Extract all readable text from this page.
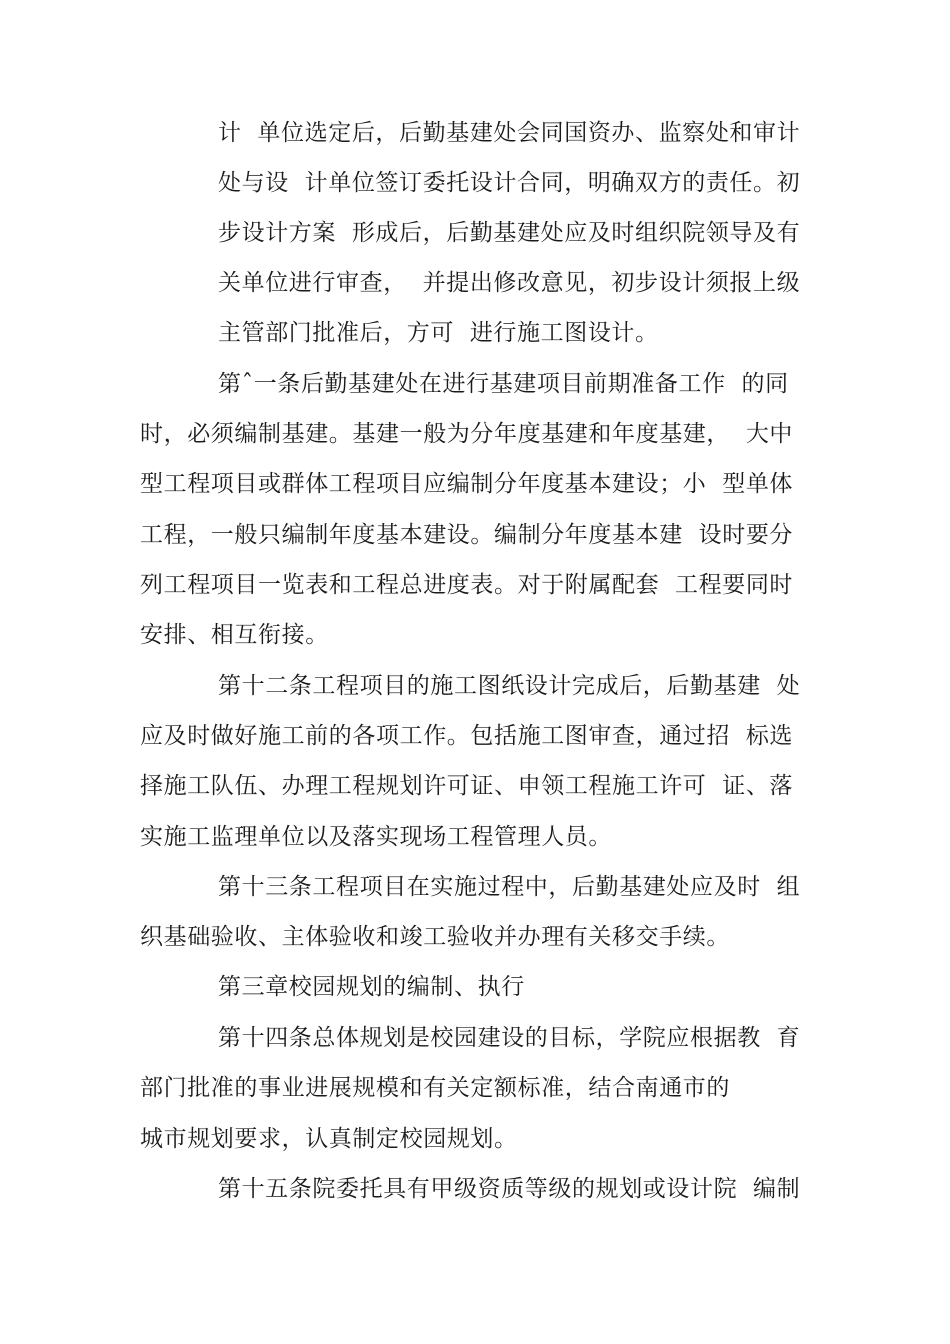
计  单位选定后，后勤基建处会同国资办、监察处和审计
处与设  计单位签订委托设计合同，明确双方的责任。初
步设计方案  形成后，后勤基建处应及时组织院领导及有
关单位进行审查，  并提出修改意见，初步设计须报上级
主管部门批准后，方可  进行施工图设计。
第ˆ一条后勤基建处在进行基建项目前期准备工作  的同
时，必须编制基建。基建一般为分年度基建和年度基建，  大中
型工程项目或群体工程项目应编制分年度基本建设；小  型单体
工程，一般只编制年度基本建设。编制分年度基本建  设时要分
列工程项目一览表和工程总进度表。对于附属配套  工程要同时
安排、相互衔接。
第十二条工程项目的施工图纸设计完成后，后勤基建  处
应及时做好施工前的各项工作。包括施工图审查，通过招  标选
择施工队伍、办理工程规划许可证、申领工程施工许可  证、落
实施工监理单位以及落实现场工程管理人员。
第十三条工程项目在实施过程中，后勤基建处应及时  组
织基础验收、主体验收和竣工验收并办理有关移交手续。
第三章校园规划的编制、执行
第十四条总体规划是校园建设的目标，学院应根据教  育
部门批准的事业进展规模和有关定额标准，结合南通市的
城市规划要求，认真制定校园规划。
第十五条院委托具有甲级资质等级的规划或设计院  编制
